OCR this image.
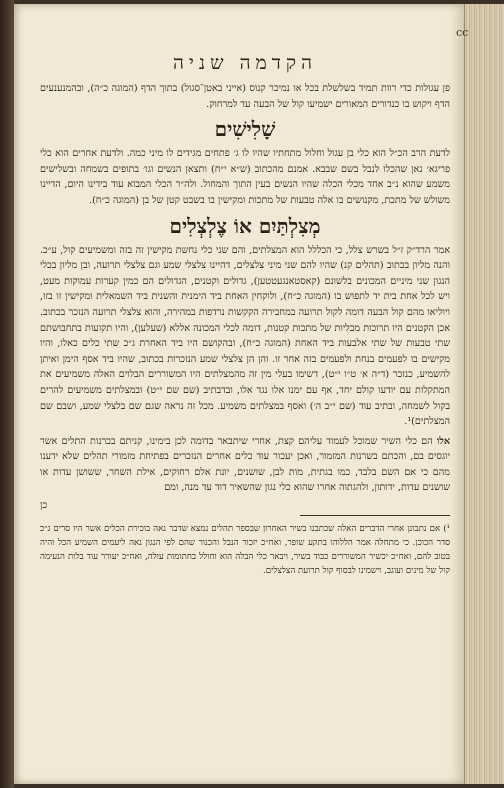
הקדמה שניה

פן עגולות כדי רוות תמיד בשלשלת בכל או נמיכר קנוס (אייני באטן־סגול) בתוך הדף (המוגה כ״ה), ובהמנענעים הדף ויקוש בו כנדורים המאורים ישמיעו קול של הבעה עד למרחוק.

שָׁלִישִׁים

לדעת הרב הכ״ל הוא כלי בן עגול וחלול מתחתיו שהיו לו ג׳ פתחים מגידים לו מיני כמה. ולדעת אחרים הוא כלי פריגא׳ נאן שהכלו לנבל בשם שבבא. אמנם מהכתוב (ש״א י״ח) ותצאן הנשים וגו׳ בתופים בשמחה ובשלישים משמע שהוא נ״ב אחד מכלי הכלה שהיו הנשים בעין התוך והמחול. ולה״ר הכלי המבוא עוד בידינו היום, הדיינו משולש של מתכת, מקנושים בו אלה טבעות של מתכות ומקישין בו בשבט קטן של בן (המוגה כ״ח).

מְצִלְתַּיִם אוֹ צֶלְצְלִים

אמר הרד״ק ז״ל בשרש צלל, כי הכללל הוא המצלתים, והם שני כלי נחשת מקישין זה בזה ומשמיעים קול, ע״כ. והנה מליון בכתוב (תהלים קנ) שהיו להם שני מיני צלצלים, דהיינו צלצלי שמע וגם צלצלי תרועה, ובן מליון בכלי הנגון שני מיניים המכונים בלשונם (קאסטאנגעטטען), גדולים וקטנים, הגדולים הם כמין קערות עמוקות מעט, ויש לכל אחת בית יד לתפוש בו (המוגה כ״ח), ולוקחין האחת ביד הימנית והשנית ביד השמאלית ומקישין זו בזו, ויוליאו מהם קול הבעה דומה לקול תרועה במחבירה הקקשות נרדפות במהירה, והוא צלצלי תרועה הנזכר בכתוב. אכן הקטנים היו תרוכות מבליות של מתכות קטנות, דומה לכלי המכונה אללא (שעלען), והיו תקועות בתחבושתם שתי טבעות של שתי אלבעות ביד האחת (המוגה כ״ח), ובהקושם היו ביד האחרת ג״כ שתי כלים כאלו, והיו מקישים בו לפעמים בנחת ולפעמים בזה אחר זו. והן הן צלצלי שמע הנזכרות בכתוב, שהיו ביד אסף הימן ואיתן להשמיע, כנזכר (ד״ה א׳ ט״ו י״ט), דשימו בעלי מין זה מהמצלתים היו המשוררים הבלוים האלה משמיעים את המתקלות עם יודעו קולם יחד, אף עם ימנו אלו נגד אלו, ובדבתיב (שם שם י״ט) ובמצלתים משמיעים להרים בקול לשמחה, ובתיב עוד (שם י״ב ה׳) ואסף במצלתים משמיע. מכל זה נראה שגם שם בלצלי שמע, ושבם שם המצלתים)¹.

אלו הם כלי השיר שמוכל לעמוד עליהם קצת, אחרי שיתבאר בדומה לכן בימינו, קניתם בכרנות התלים אשר יוגסים בם, והכתם בשרנות המזמור, ואכן יעכור עוד כלים אחרים הנזכרים בפתיחת מזמורי תהלים שלא ידענו מהם כי אם השם בלבד, כמו בגתית, מות לבן, שושנים, יונת אלם רחוקים, אילת השחר, ששושן עדות או שושנים עדות, ידותון, ולהגתוה אחרו שהוא כלי נגון שהשאיר דוד עד מנה, ומם

כן

¹) אם נתבונן אחרי הדברים האלה שכתבנו בשיר האחרון שבספר תהלים נמצא שדבר נאה בוכירת הכלים אשר היו סרים ג״כ סדר הכוכן. כי מתחלה אמר הללוהו בתקע שופר, ואח״כ יזכור הנבל והכנור שהם לפי הנגון נאה ליעמים השמיע הכל והיה בטוב להם, ואח״כ יכשיר המשוררים כבוד בשיר, ויבאר כלי הבלה הוא וחולל בחתומות עולה, ואח״כ יעורר עוד בלות הנעימה קול של מינים ועוגב, וישמינו לבסוף קול תרועת הצלצלים.

cc
